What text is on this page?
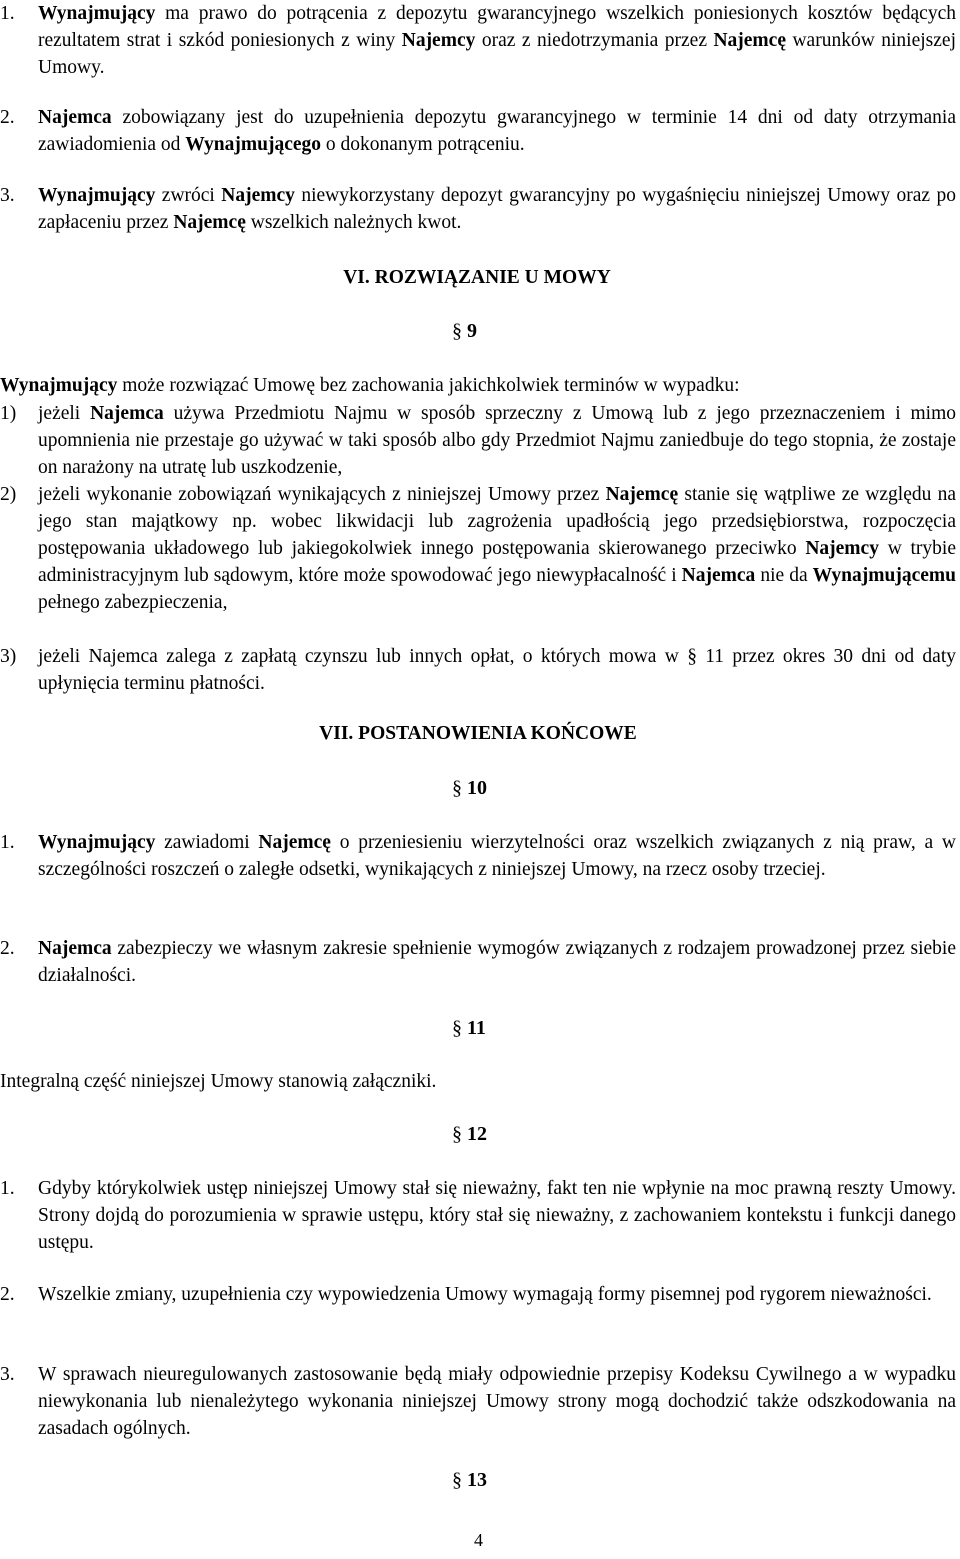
1.	Wynajmujący ma prawo do potrącenia z depozytu gwarancyjnego wszelkich poniesionych kosztów będących rezultatem strat i szkód poniesionych z winy Najemcy oraz z niedotrzymania przez Najemcę warunków niniejszej Umowy.
2.	Najemca zobowiązany jest do uzupełnienia depozytu gwarancyjnego w terminie 14 dni od daty otrzymania zawiadomienia od Wynajmującego o dokonanym potrąceniu.
3.	Wynajmujący zwróci Najemcy niewykorzystany depozyt gwarancyjny po wygaśnięciu niniejszej Umowy oraz po zapłaceniu przez Najemcę wszelkich należnych kwot.
VI. ROZWIĄZANIE U MOWY
§ 9
Wynajmujący może rozwiązać Umowę bez zachowania jakichkolwiek terminów w wypadku:
1)	jeżeli Najemca używa Przedmiotu Najmu w sposób sprzeczny z Umową lub z jego przeznaczeniem i mimo upomnienia nie przestaje go używać w taki sposób albo gdy Przedmiot Najmu zaniedbuje do tego stopnia, że zostaje on narażony na utratę lub uszkodzenie,
2)	jeżeli wykonanie zobowiązań wynikających z niniejszej Umowy przez Najemcę stanie się wątpliwe ze względu na jego stan majątkowy np. wobec likwidacji lub zagrożenia upadłością jego przedsiębiorstwa, rozpoczęcia postępowania układowego lub jakiegokolwiek innego postępowania skierowanego przeciwko Najemcy w trybie administracyjnym lub sądowym, które może spowodować jego niewypłacalność i Najemca nie da Wynajmującemu pełnego zabezpieczenia,
3)	jeżeli Najemca zalega z zapłatą czynszu lub innych opłat, o których mowa w § 11 przez okres 30 dni od daty upłynięcia terminu płatności.
VII. POSTANOWIENIA KOŃCOWE
§ 10
1.	Wynajmujący zawiadomi Najemcę o przeniesieniu wierzytelności oraz wszelkich związanych z nią praw, a w szczególności roszczeń o zaległe odsetki, wynikających z niniejszej Umowy, na rzecz osoby trzeciej.
2.	Najemca zabezpieczy we własnym zakresie spełnienie wymogów związanych z rodzajem prowadzonej przez siebie działalności.
§ 11
Integralną część niniejszej Umowy stanowią załączniki.
§ 12
1.	Gdyby którykolwiek ustęp niniejszej Umowy stał się nieważny, fakt ten nie wpłynie na moc prawną reszty Umowy. Strony dojdą do porozumienia w sprawie ustępu, który stał się nieważny, z zachowaniem kontekstu i funkcji danego ustępu.
2.	Wszelkie zmiany, uzupełnienia czy wypowiedzenia Umowy wymagają formy pisemnej pod rygorem nieważności.
3.	W sprawach nieuregulowanych zastosowanie będą miały odpowiednie przepisy Kodeksu Cywilnego a w wypadku niewykonania lub nienależytego wykonania niniejszej Umowy strony mogą dochodzić także odszkodowania na zasadach ogólnych.
§ 13
4
